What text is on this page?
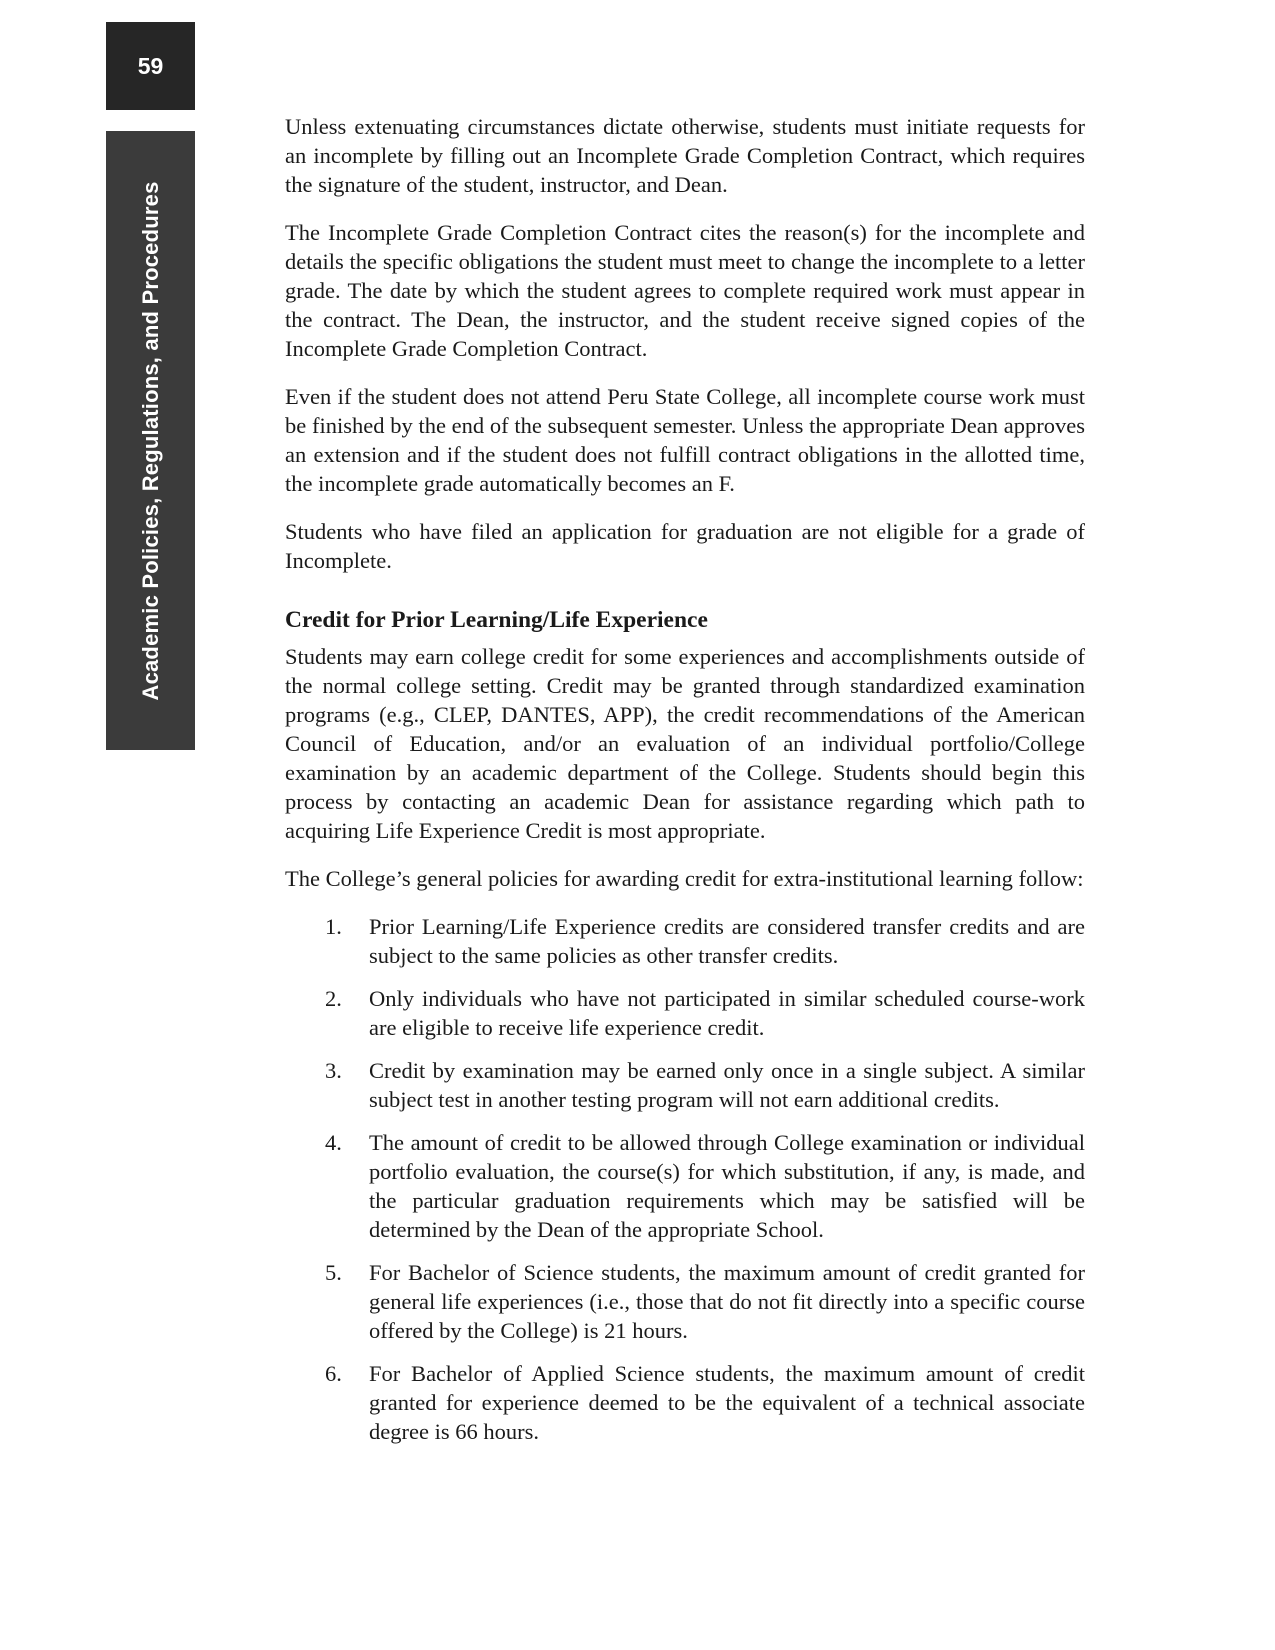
59
Academic Policies, Regulations, and Procedures

Unless extenuating circumstances dictate otherwise, students must initiate requests for an incomplete by filling out an Incomplete Grade Completion Contract, which requires the signature of the student, instructor, and Dean.

The Incomplete Grade Completion Contract cites the reason(s) for the incomplete and details the specific obligations the student must meet to change the incomplete to a letter grade. The date by which the student agrees to complete required work must appear in the contract. The Dean, the instructor, and the student receive signed copies of the Incomplete Grade Completion Contract.

Even if the student does not attend Peru State College, all incomplete course work must be finished by the end of the subsequent semester. Unless the appropriate Dean approves an extension and if the student does not fulfill contract obligations in the allotted time, the incomplete grade automatically becomes an F.

Students who have filed an application for graduation are not eligible for a grade of Incomplete.

Credit for Prior Learning/Life Experience

Students may earn college credit for some experiences and accomplishments outside of the normal college setting. Credit may be granted through standardized examination programs (e.g., CLEP, DANTES, APP), the credit recommendations of the American Council of Education, and/or an evaluation of an individual portfolio/College examination by an academic department of the College. Students should begin this process by contacting an academic Dean for assistance regarding which path to acquiring Life Experience Credit is most appropriate.

The College’s general policies for awarding credit for extra-institutional learning follow:

1. Prior Learning/Life Experience credits are considered transfer credits and are subject to the same policies as other transfer credits.
2. Only individuals who have not participated in similar scheduled course-work are eligible to receive life experience credit.
3. Credit by examination may be earned only once in a single subject. A similar subject test in another testing program will not earn additional credits.
4. The amount of credit to be allowed through College examination or individual portfolio evaluation, the course(s) for which substitution, if any, is made, and the particular graduation requirements which may be satisfied will be determined by the Dean of the appropriate School.
5. For Bachelor of Science students, the maximum amount of credit granted for general life experiences (i.e., those that do not fit directly into a specific course offered by the College) is 21 hours.
6. For Bachelor of Applied Science students, the maximum amount of credit granted for experience deemed to be the equivalent of a technical associate degree is 66 hours.
